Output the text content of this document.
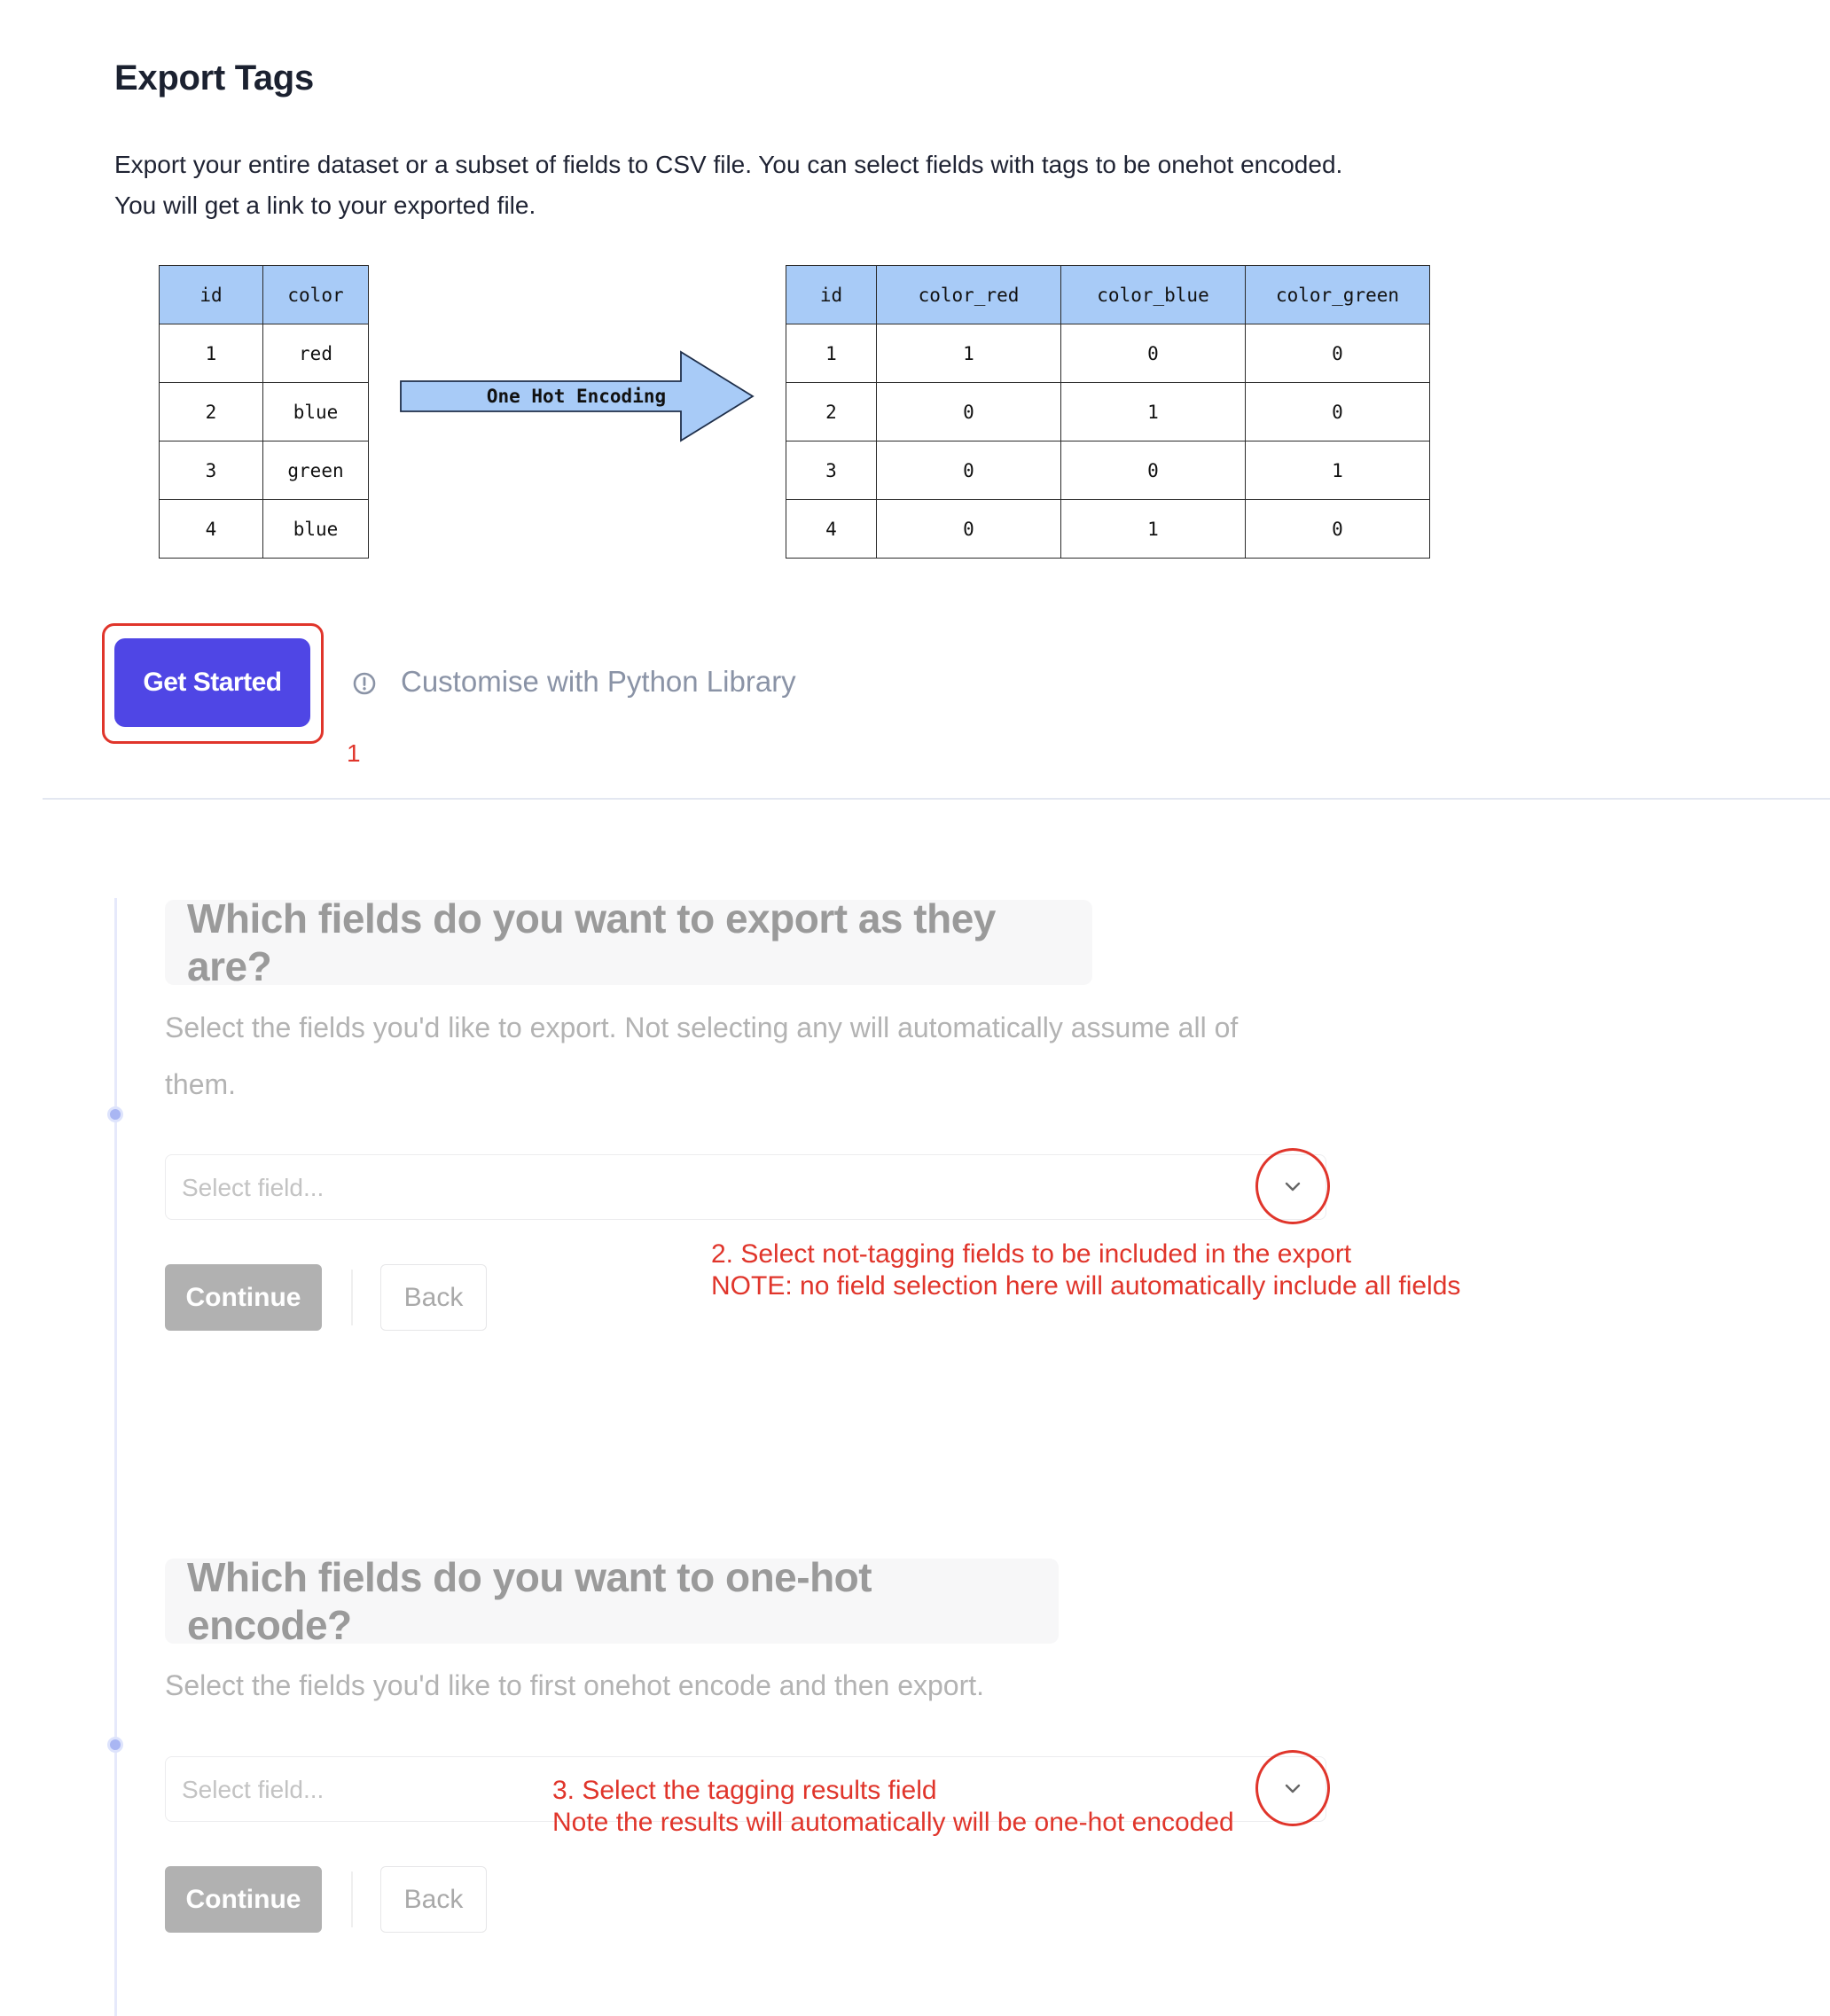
Export Tags
Export your entire dataset or a subset of fields to CSV file. You can select fields with tags to be onehot encoded.
You will get a link to your exported file.
id	color
1	red
2	blue
3	green
4	blue
One Hot Encoding
id	color_red	color_blue	color_green
1	1	0	0
2	0	1	0
3	0	0	1
4	0	1	0
Get Started
1
Customise with Python Library
Which fields do you want to export as they are?
Select the fields you'd like to export. Not selecting any will automatically assume all of
them.
Select field...
Continue	Back
2. Select not-tagging fields to be included in the export
NOTE: no field selection here will automatically include all fields
Which fields do you want to one-hot encode?
Select the fields you'd like to first onehot encode and then export.
Select field...	3. Select the tagging results field
Note the results will automatically will be one-hot encoded
Continue	Back
